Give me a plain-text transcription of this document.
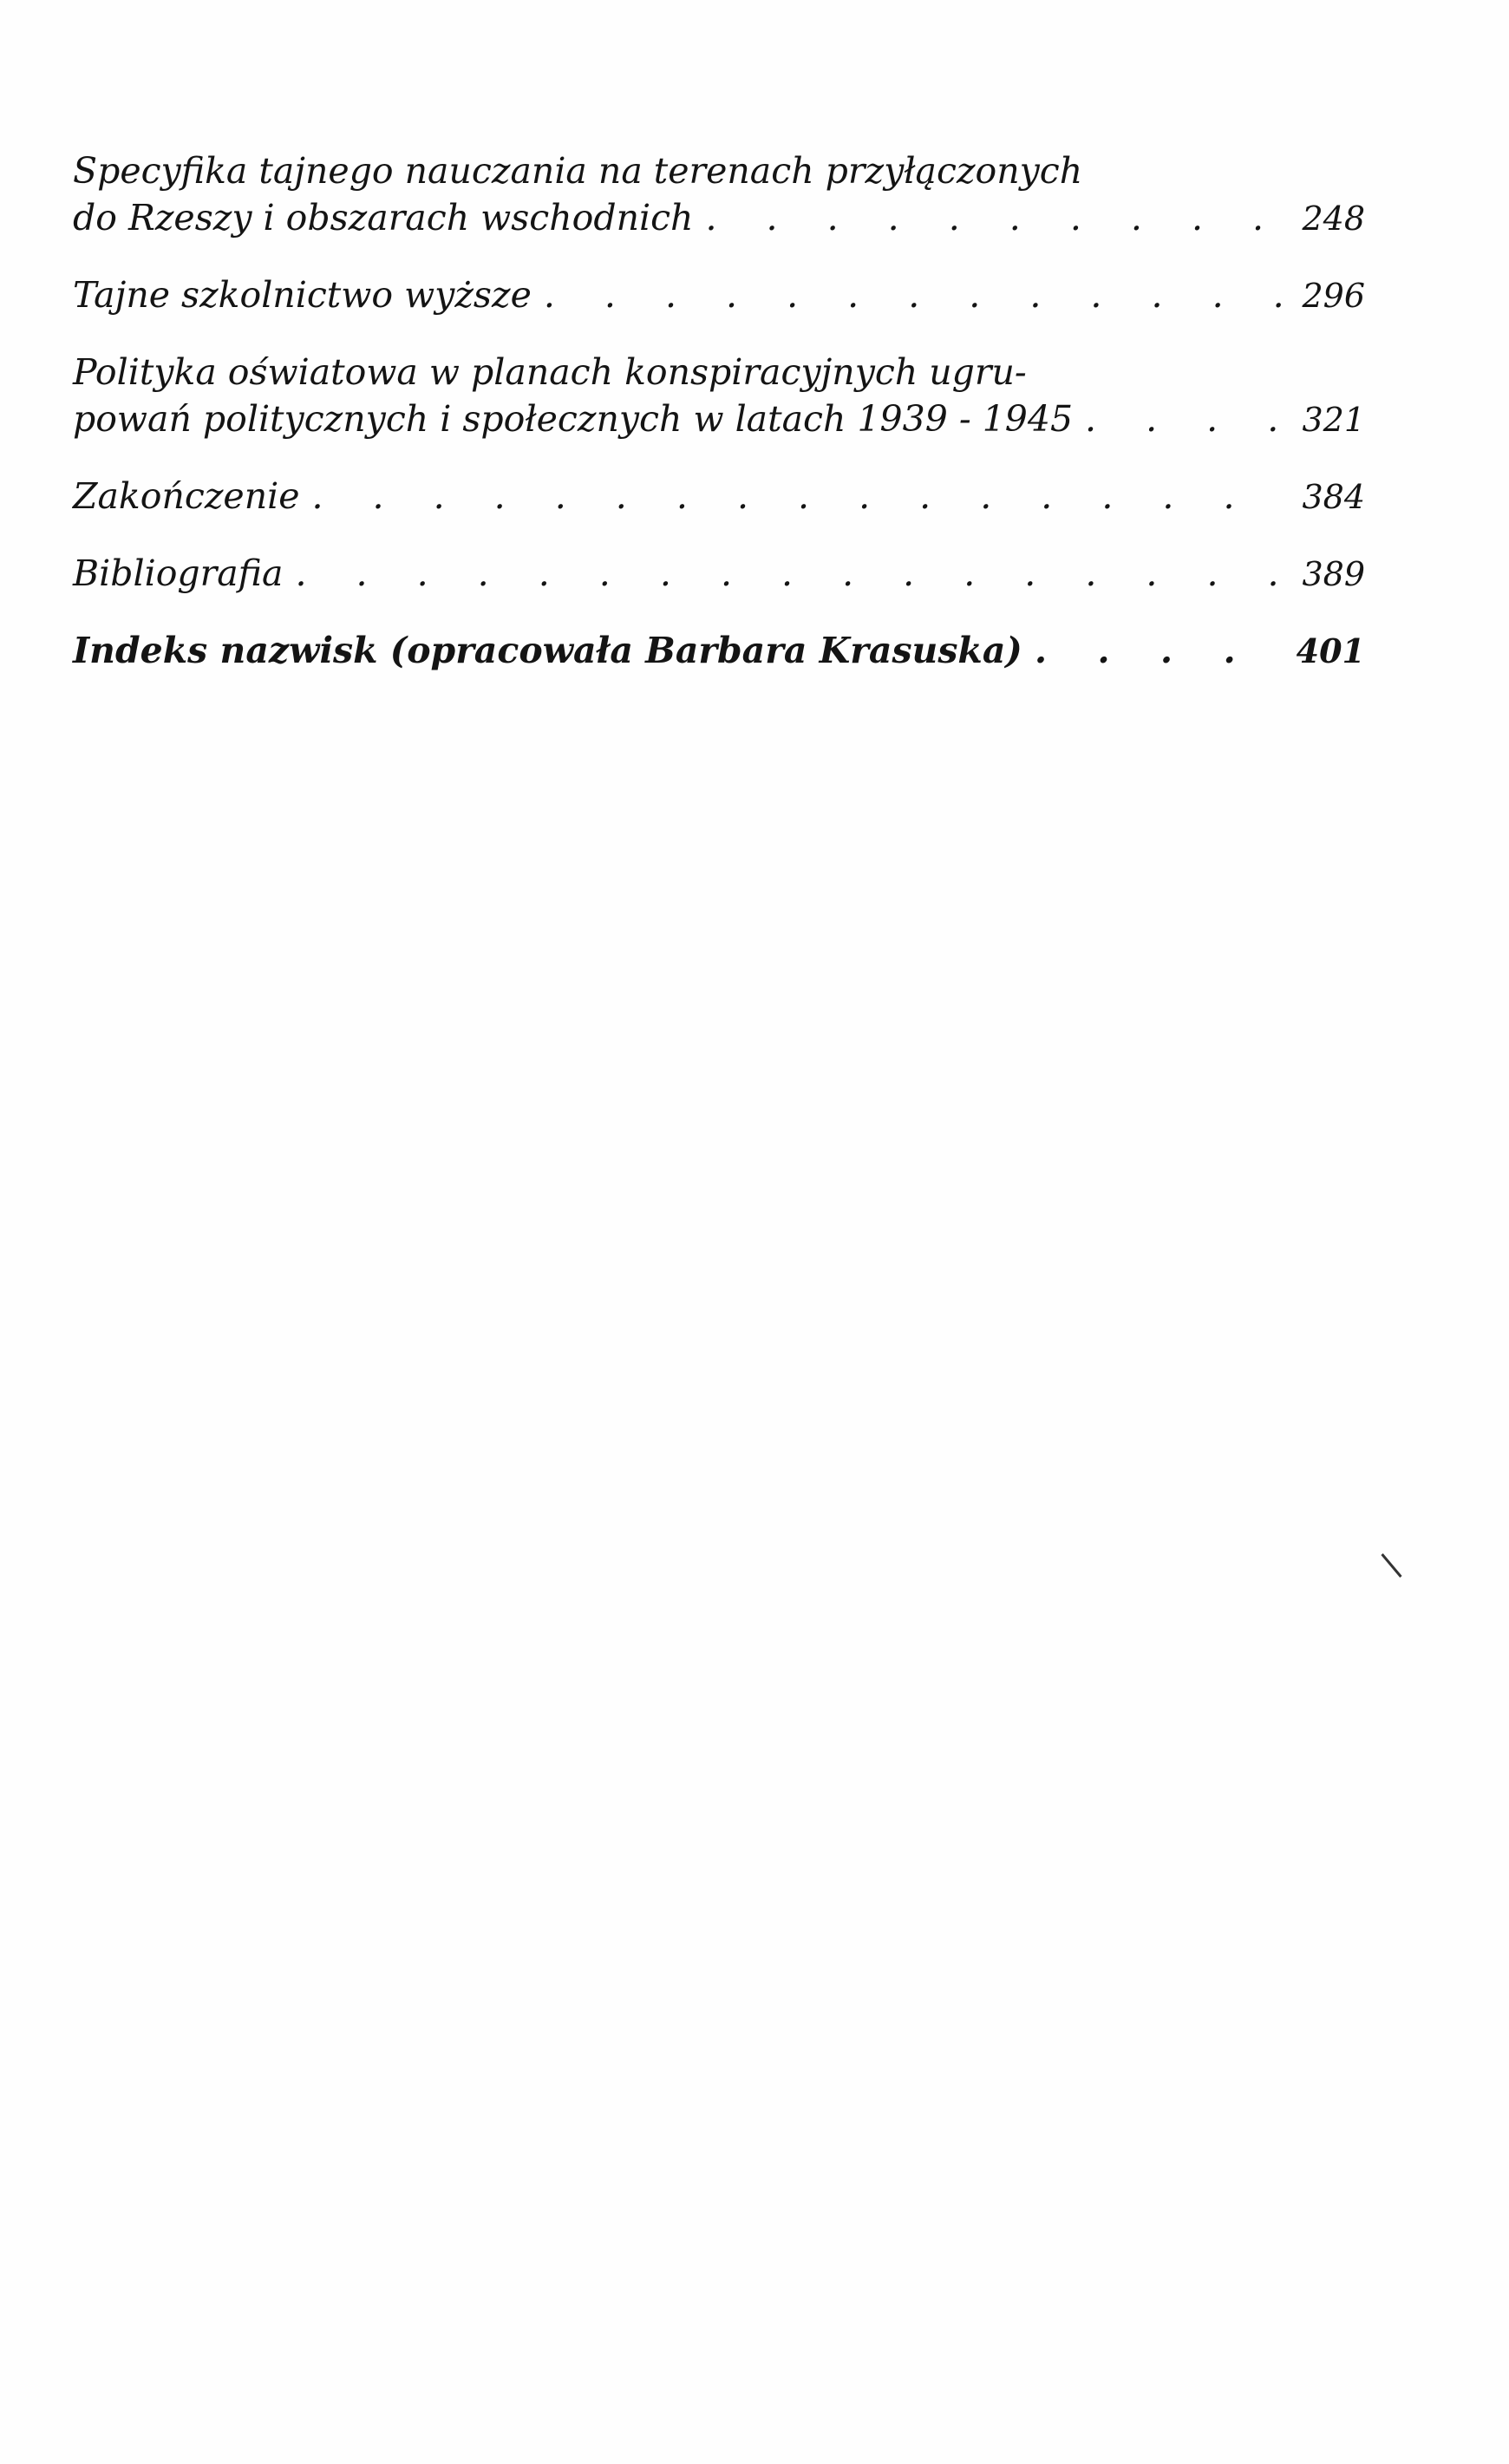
Specyfika tajnego nauczania na terenach przyłączonych
do Rzeszy i obszarach wschodnich . . .	248
Tajne szkolnictwo wyższe . . .	296
Polityka oświatowa w planach konspiracyjnych ugru-
powań politycznych i społecznych w latach 1939 - 1945 . . .	321
Zakończenie . . .	384
Bibliografia . . .	389
Indeks nazwisk (opracowała Barbara Krasuska) . . .	401
